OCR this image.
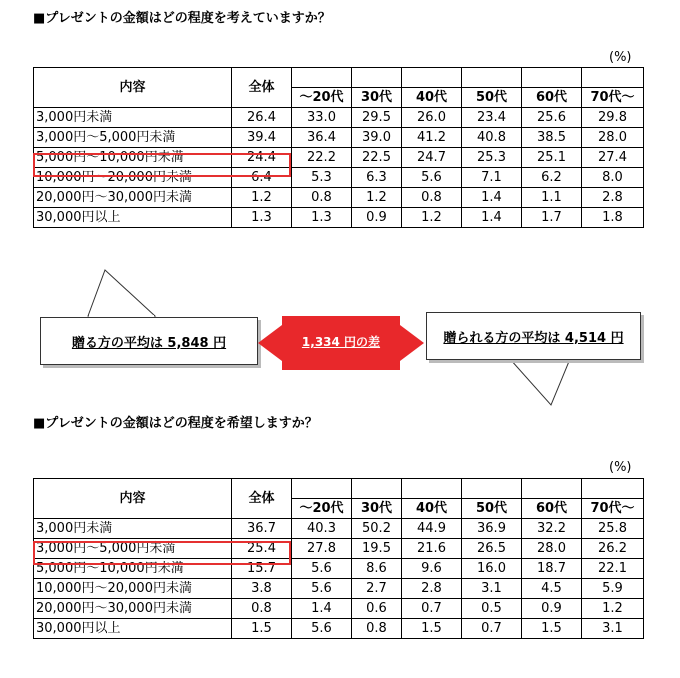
■プレゼントの金額はどの程度を考えていますか？
(%)
内容	全体						
		～20代	30代	40代	50代	60代	70代～
3,000円未満	26.4	33.0	29.5	26.0	23.4	25.6	29.8
3,000円～5,000円未満	39.4	36.4	39.0	41.2	40.8	38.5	28.0
5,000円～10,000円未満	24.4	22.2	22.5	24.7	25.3	25.1	27.4
10,000円～20,000円未満	6.4	5.3	6.3	5.6	7.1	6.2	8.0
20,000円～30,000円未満	1.2	0.8	1.2	0.8	1.4	1.1	2.8
30,000円以上	1.3	1.3	0.9	1.2	1.4	1.7	1.8
贈る方の平均は 5,848 円	1,334 円の差	贈られる方の平均は 4,514 円
■プレゼントの金額はどの程度を希望しますか？
(%)
内容	全体						
		～20代	30代	40代	50代	60代	70代～
3,000円未満	36.7	40.3	50.2	44.9	36.9	32.2	25.8
3,000円～5,000円未満	25.4	27.8	19.5	21.6	26.5	28.0	26.2
5,000円～10,000円未満	15.7	5.6	8.6	9.6	16.0	18.7	22.1
10,000円～20,000円未満	3.8	5.6	2.7	2.8	3.1	4.5	5.9
20,000円～30,000円未満	0.8	1.4	0.6	0.7	0.5	0.9	1.2
30,000円以上	1.5	5.6	0.8	1.5	0.7	1.5	3.1
